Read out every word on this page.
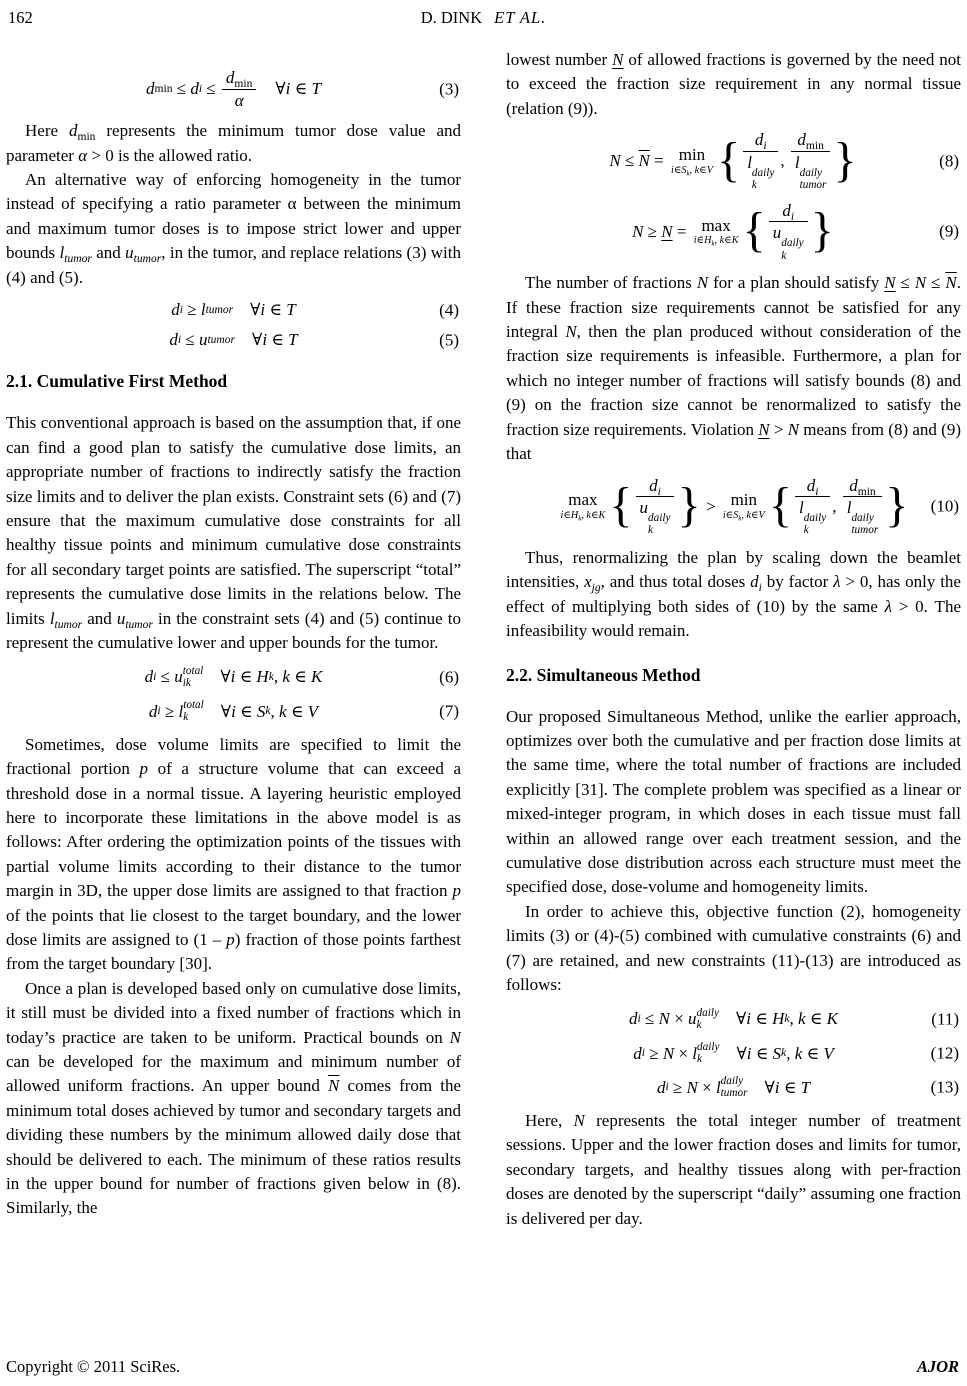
162	D. DINK ET AL.
d min ≤ d $i \le \frac{d_{min}}{\alpha}$  ∀ i ∈ T	(3)

Here $d_{min}$ represents the minimum tumor dose value and parameter α > 0 is the allowed ratio.

An alternative way of enforcing homogeneity in the tumor instead of specifying a ratio parameter α between the minimum and maximum tumor doses is to impose strict lower and upper bounds $l_{tumor}$ and $u_{tumor}$, in the tumor, and replace relations (3) with (4) and (5).

d i ≥ l tumor  ∀ i ∈ T	(4)
d i ≤ u tumor  ∀ i ∈ T	(5)
2.1. Cumulative First Method

This conventional approach is based on the assumption that, if one can find a good plan to satisfy the cumulative dose limits, an appropriate number of fractions to indirectly satisfy the fraction size limits and to deliver the plan exists. Constraint sets (6) and (7) ensure that the maximum cumulative dose constraints for all healthy tissue points and minimum cumulative dose constraints for all secondary target points are satisfied. The superscript “total” represents the cumulative dose limits in the relations below. The limits $l_{tumor}$ and $u_{tumor}$ in the constraint sets (4) and (5) continue to represent the cumulative lower and upper bounds for the tumor.

d i ≤ u total
ik  ∀ i ∈ H k , k ∈ K	(6)
d i ≥ l total
k  ∀ i ∈ S k , k ∈ V	(7)

Sometimes, dose volume limits are specified to limit the fractional portion p of a structure volume that can exceed a threshold dose in a normal tissue. A layering heuristic employed here to incorporate these limitations in the above model is as follows: After ordering the optimization points of the tissues with partial volume limits according to their distance to the tumor margin in 3D, the upper dose limits are assigned to that fraction p of the points that lie closest to the target boundary, and the lower dose limits are assigned to (1 – p) fraction of those points farthest from the target boundary [30].

Once a plan is developed based only on cumulative dose limits, it still must be divided into a fixed number of fractions which in today’s practice are taken to be uniform. Practical bounds on N can be developed for the maximum and minimum number of allowed uniform fractions. An upper bound $\overline{N}$ comes from the minimum total doses achieved by tumor and secondary targets and dividing these numbers by the minimum allowed daily dose that should be delivered to each. The minimum of these ratios results in the upper bound for number of fractions given below in (8). Similarly, the

lowest number N of allowed fractions is governed by the need not to exceed the fraction size requirement in any normal tissue (relation (9)).

$N \le \overline{N} = \min$
$i\in S_k$, k∈V { $d_i$
l
daily
k , $d_{min}$
l
daily
tumor }	(8)
N ≥ N = max
$i\in H_k$, k∈K { $d_i$
u
daily
k }	(9)

The number of fractions N for a plan should satisfy $N \le N \le \overline{N}$. If these fraction size requirements cannot be satisfied for any integral N, then the plan produced without consideration of the fraction size requirements is infeasible. Furthermore, a plan for which no integer number of fractions will satisfy bounds (8) and (9) on the fraction size cannot be renormalized to satisfy the fraction size requirements. Violation N > N means from (8) and (9) that

max
$i\in H_k$, k∈K { $d_i$
u
daily
k } > min
$i\in S_k$, k∈V { $d_i$
l
daily
k , $d_{min}$
l
daily
tumor } (10)

Thus, renormalizing the plan by scaling down the beamlet intensities, $x_{jg}$, and thus total doses $d_i$ by factor λ > 0, has only the effect of multiplying both sides of (10) by the same λ > 0. The infeasibility would remain.

2.2. Simultaneous Method

Our proposed Simultaneous Method, unlike the earlier approach, optimizes over both the cumulative and per fraction dose limits at the same time, where the total number of fractions are included explicitly [31]. The complete problem was specified as a linear or mixed-integer program, in which doses in each tissue must fall within an allowed range over each treatment session, and the cumulative dose distribution across each structure must meet the specified dose, dose-volume and homogeneity limits.

In order to achieve this, objective function (2), homogeneity limits (3) or (4)-(5) combined with cumulative constraints (6) and (7) are retained, and new constraints (11)-(13) are introduced as follows:

d i ≤ N × u daily
k  ∀ i ∈ H k , k ∈ K	(11)
d i ≥ N × l daily
k  ∀ i ∈ S k , k ∈ V	(12)
d i ≥ N × l daily
tumor  ∀ i ∈ T	(13)

Here, N represents the total integer number of treatment sessions. Upper and the lower fraction doses and limits for tumor, secondary targets, and healthy tissues along with per-fraction doses are denoted by the superscript “daily” assuming one fraction is delivered per day.

Copyright © 2011 SciRes.	AJOR
